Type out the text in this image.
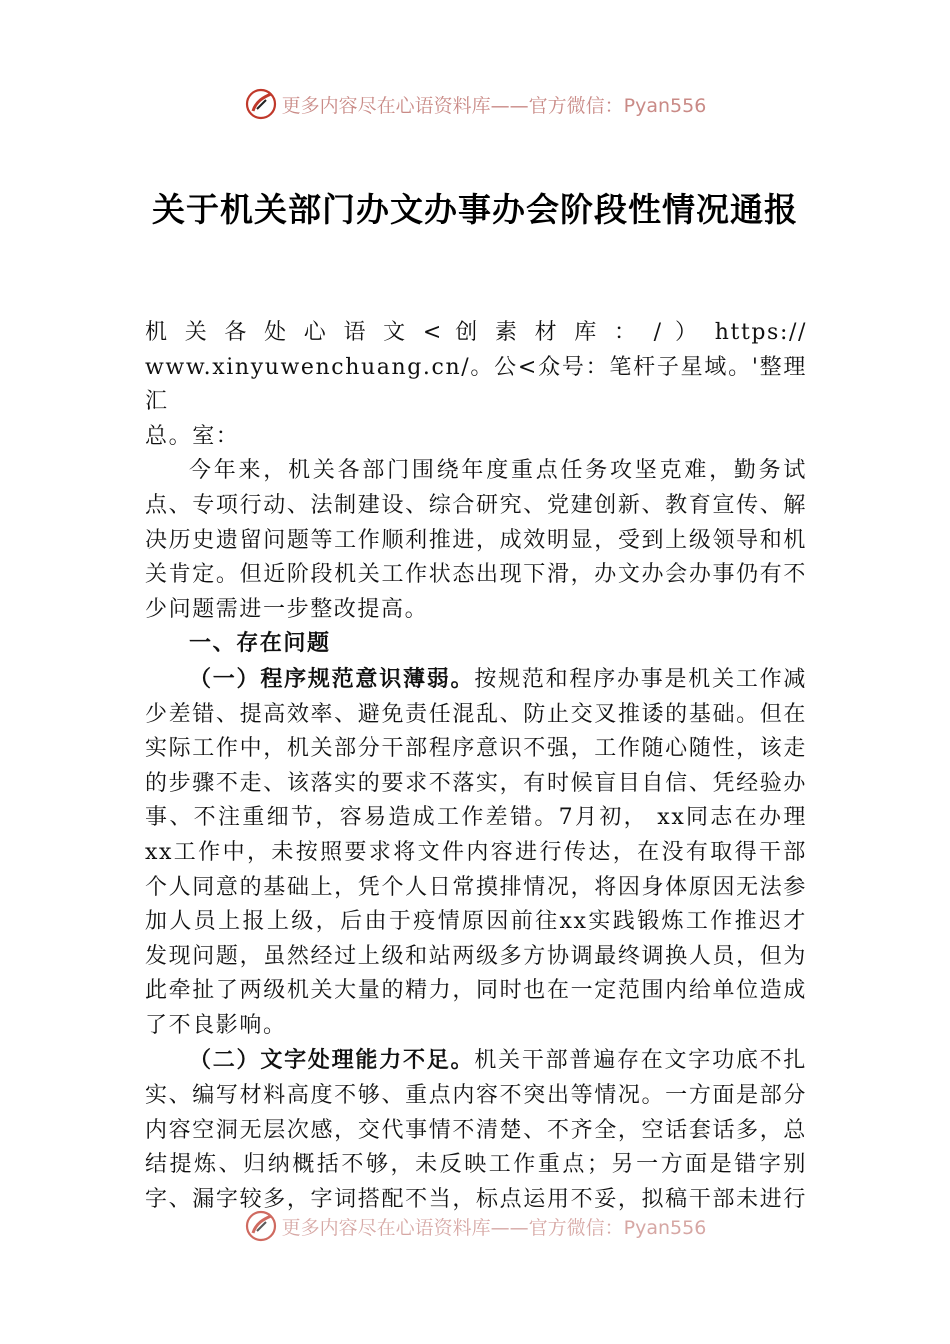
更多内容尽在心语资料库——官方微信：Pyan556
关于机关部门办文办事办会阶段性情况通报

机 关 各 处 心 语 文 < 创 素 材 库 ： / ） https://

www.xinyuwenchuang.cn/。公<众号：笔杆子星域。'整理汇

总。室：

今年来，机关各部门围绕年度重点任务攻坚克难，勤务试点、专项行动、法制建设、综合研究、党建创新、教育宣传、解决历史遗留问题等工作顺利推进，成效明显，受到上级领导和机关肯定。但近阶段机关工作状态出现下滑，办文办会办事仍有不少问题需进一步整改提高。

一、存在问题

（一）程序规范意识薄弱。按规范和程序办事是机关工作减少差错、提高效率、避免责任混乱、防止交叉推诿的基础。但在实际工作中，机关部分干部程序意识不强，工作随心随性，该走的步骤不走、该落实的要求不落实，有时候盲目自信、凭经验办事、不注重细节，容易造成工作差错。7月初， xx同志在办理xx工作中，未按照要求将文件内容进行传达，在没有取得干部个人同意的基础上，凭个人日常摸排情况，将因身体原因无法参加人员上报上级，后由于疫情原因前往xx实践锻炼工作推迟才发现问题，虽然经过上级和站两级多方协调最终调换人员，但为此牵扯了两级机关大量的精力，同时也在一定范围内给单位造成了不良影响。

（二）文字处理能力不足。机关干部普遍存在文字功底不扎实、编写材料高度不够、重点内容不突出等情况。一方面是部分内容空洞无层次感，交代事情不清楚、不齐全，空话套话多，总结提炼、归纳概括不够，未反映工作重点；另一方面是错字别字、漏字较多，字词搭配不当，标点运用不妥，拟稿干部未进行

更多内容尽在心语资料库——官方微信：Pyan556
